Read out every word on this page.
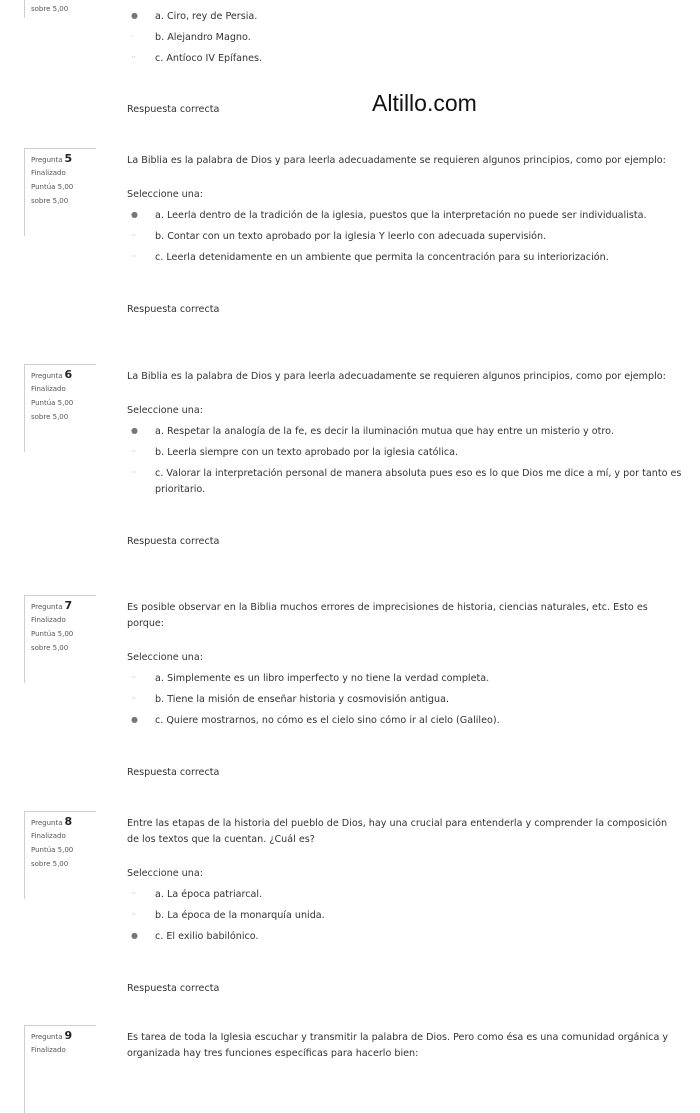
sobre 5,00
●	a. Ciro, rey de Persia.
·	b. Alejandro Magno.
··	c. Antíoco IV Epífanes.
Respuesta correcta	Altillo.com
Pregunta 5
Finalizado
Puntúa 5,00
sobre 5,00
La Biblia es la palabra de Dios y para leerla adecuadamente se requieren algunos principios, como por ejemplo:
Seleccione una:
●	a. Leerla dentro de la tradición de la iglesia, puestos que la interpretación no puede ser individualista.
··	b. Contar con un texto aprobado por la iglesia Y leerlo con adecuada supervisión.
··	c. Leerla detenidamente en un ambiente que permita la concentración para su interiorización.
Respuesta correcta
Pregunta 6
Finalizado
Puntúa 5,00
sobre 5,00
La Biblia es la palabra de Dios y para leerla adecuadamente se requieren algunos principios, como por ejemplo:
Seleccione una:
●	a. Respetar la analogía de la fe, es decir la iluminación mutua que hay entre un misterio y otro.
··	b. Leerla siempre con un texto aprobado por la iglesia católica.
··	c. Valorar la interpretación personal de manera absoluta pues eso es lo que Dios me dice a mí, y por tanto es prioritario.
Respuesta correcta
Pregunta 7
Finalizado
Puntúa 5,00
sobre 5,00
Es posible observar en la Biblia muchos errores de imprecisiones de historia, ciencias naturales, etc. Esto es porque:
Seleccione una:
··	a. Simplemente es un libro imperfecto y no tiene la verdad completa.
··	b. Tiene la misión de enseñar historia y cosmovisión antigua.
●	c. Quiere mostrarnos, no cómo es el cielo sino cómo ir al cielo (Galileo).
Respuesta correcta
Pregunta 8
Finalizado
Puntúa 5,00
sobre 5,00
Entre las etapas de la historia del pueblo de Dios, hay una crucial para entenderla y comprender la composición de los textos que la cuentan. ¿Cuál es?
Seleccione una:
··	a. La época patriarcal.
··	b. La época de la monarquía unida.
●	c. El exilio babilónico.
Respuesta correcta
Pregunta 9
Finalizado
Es tarea de toda la Iglesia escuchar y transmitir la palabra de Dios. Pero como ésa es una comunidad orgánica y organizada hay tres funciones específicas para hacerlo bien:
